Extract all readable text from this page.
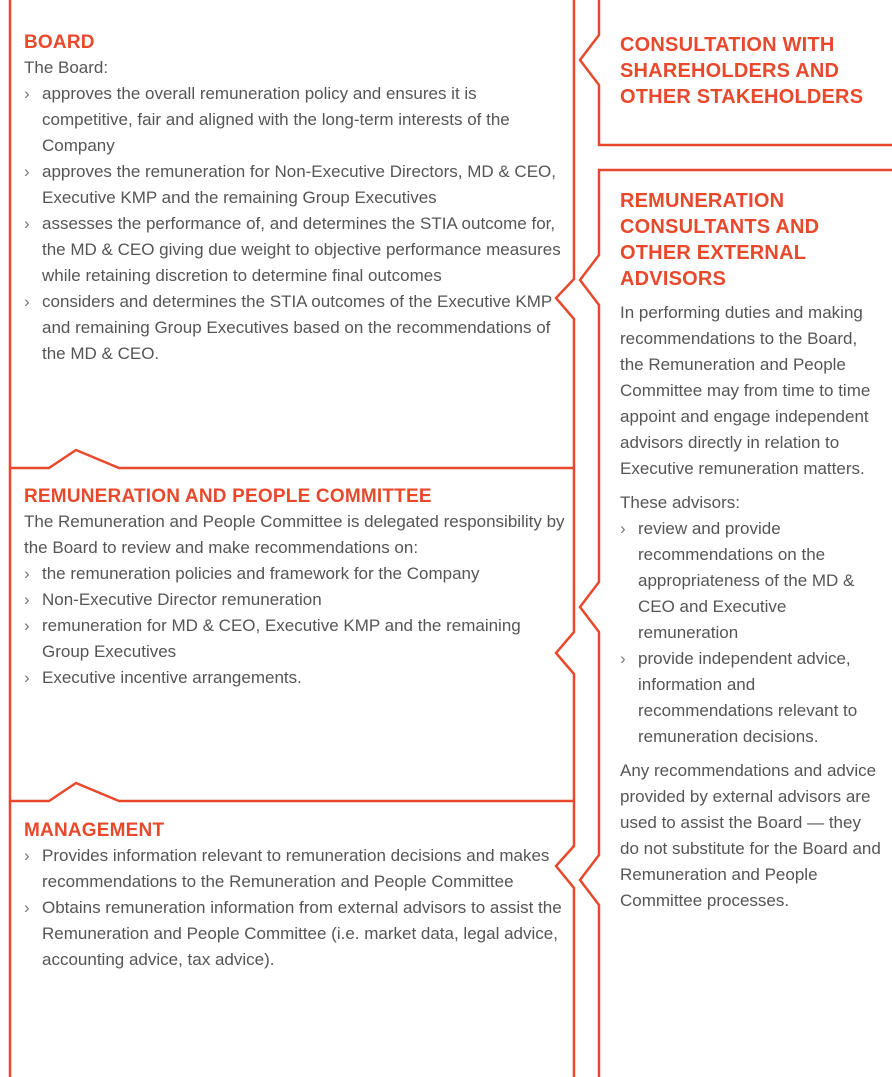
BOARD
The Board:
› approves the overall remuneration policy and ensures it is competitive, fair and aligned with the long-term interests of the Company
› approves the remuneration for Non-Executive Directors, MD & CEO, Executive KMP and the remaining Group Executives
› assesses the performance of, and determines the STIA outcome for, the MD & CEO giving due weight to objective performance measures while retaining discretion to determine final outcomes
› considers and determines the STIA outcomes of the Executive KMP and remaining Group Executives based on the recommendations of the MD & CEO.
REMUNERATION AND PEOPLE COMMITTEE
The Remuneration and People Committee is delegated responsibility by the Board to review and make recommendations on:
› the remuneration policies and framework for the Company
› Non-Executive Director remuneration
› remuneration for MD & CEO, Executive KMP and the remaining Group Executives
› Executive incentive arrangements.
MANAGEMENT
› Provides information relevant to remuneration decisions and makes recommendations to the Remuneration and People Committee
› Obtains remuneration information from external advisors to assist the Remuneration and People Committee (i.e. market data, legal advice, accounting advice, tax advice).
CONSULTATION WITH SHAREHOLDERS AND OTHER STAKEHOLDERS
REMUNERATION CONSULTANTS AND OTHER EXTERNAL ADVISORS
In performing duties and making recommendations to the Board, the Remuneration and People Committee may from time to time appoint and engage independent advisors directly in relation to Executive remuneration matters.
These advisors:
› review and provide recommendations on the appropriateness of the MD & CEO and Executive remuneration
› provide independent advice, information and recommendations relevant to remuneration decisions.
Any recommendations and advice provided by external advisors are used to assist the Board — they do not substitute for the Board and Remuneration and People Committee processes.
